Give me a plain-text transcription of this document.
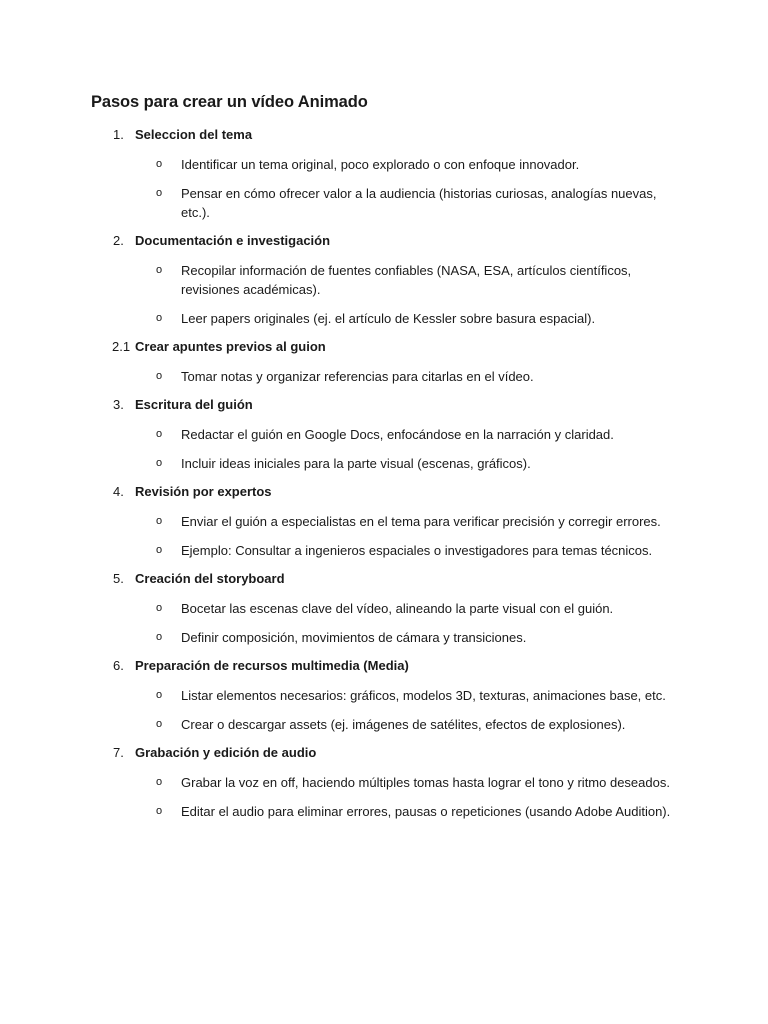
Pasos para crear un vídeo Animado
1. Seleccion del tema
o Identificar un tema original, poco explorado o con enfoque innovador.
o Pensar en cómo ofrecer valor a la audiencia (historias curiosas, analogías nuevas, etc.).
2. Documentación e investigación
o Recopilar información de fuentes confiables (NASA, ESA, artículos científicos, revisiones académicas).
o Leer papers originales (ej. el artículo de Kessler sobre basura espacial).
2.1 Crear apuntes previos al guion
o Tomar notas y organizar referencias para citarlas en el vídeo.
3. Escritura del guión
o Redactar el guión en Google Docs, enfocándose en la narración y claridad.
o Incluir ideas iniciales para la parte visual (escenas, gráficos).
4. Revisión por expertos
o Enviar el guión a especialistas en el tema para verificar precisión y corregir errores.
o Ejemplo: Consultar a ingenieros espaciales o investigadores para temas técnicos.
5. Creación del storyboard
o Bocetar las escenas clave del vídeo, alineando la parte visual con el guión.
o Definir composición, movimientos de cámara y transiciones.
6. Preparación de recursos multimedia (Media)
o Listar elementos necesarios: gráficos, modelos 3D, texturas, animaciones base, etc.
o Crear o descargar assets (ej. imágenes de satélites, efectos de explosiones).
7. Grabación y edición de audio
o Grabar la voz en off, haciendo múltiples tomas hasta lograr el tono y ritmo deseados.
o Editar el audio para eliminar errores, pausas o repeticiones (usando Adobe Audition).
